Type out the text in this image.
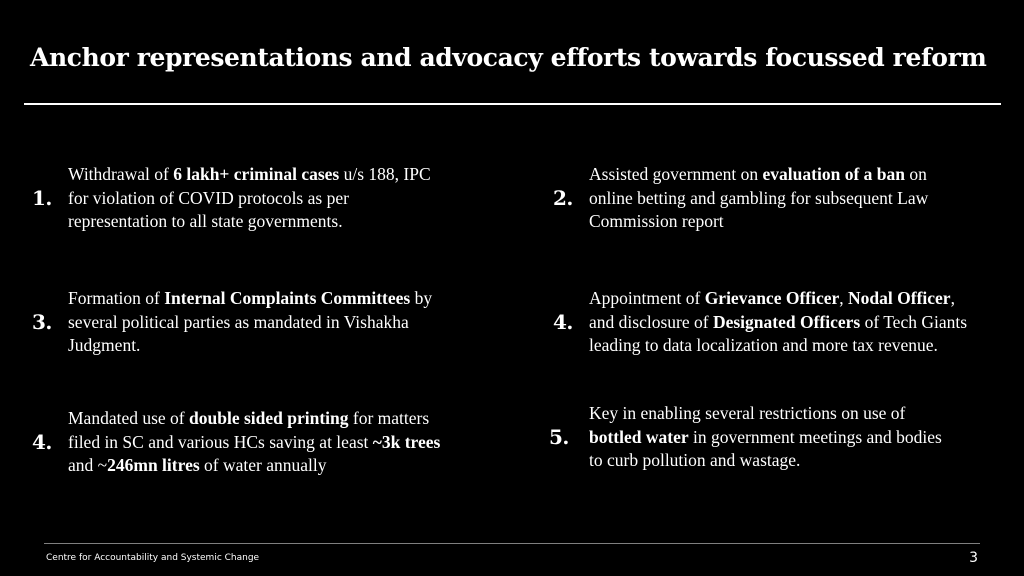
Anchor representations and advocacy efforts towards focussed reform
1.
Withdrawal of 6 lakh+ criminal cases u/s 188, IPC
for violation of COVID protocols as per
representation to all state governments.
2.
Assisted government on evaluation of a ban on
online betting and gambling for subsequent Law
Commission report
3.
Formation of Internal Complaints Committees by
several political parties as mandated in Vishakha
Judgment.
4.
Appointment of Grievance Officer, Nodal Officer,
and disclosure of Designated Officers of Tech Giants
leading to data localization and more tax revenue.
4.
Mandated use of double sided printing for matters
filed in SC and various HCs saving at least ~3k trees
and ~246mn litres of water annually
5.
Key in enabling several restrictions on use of
bottled water in government meetings and bodies
to curb pollution and wastage.
Centre for Accountability and Systemic Change	3
